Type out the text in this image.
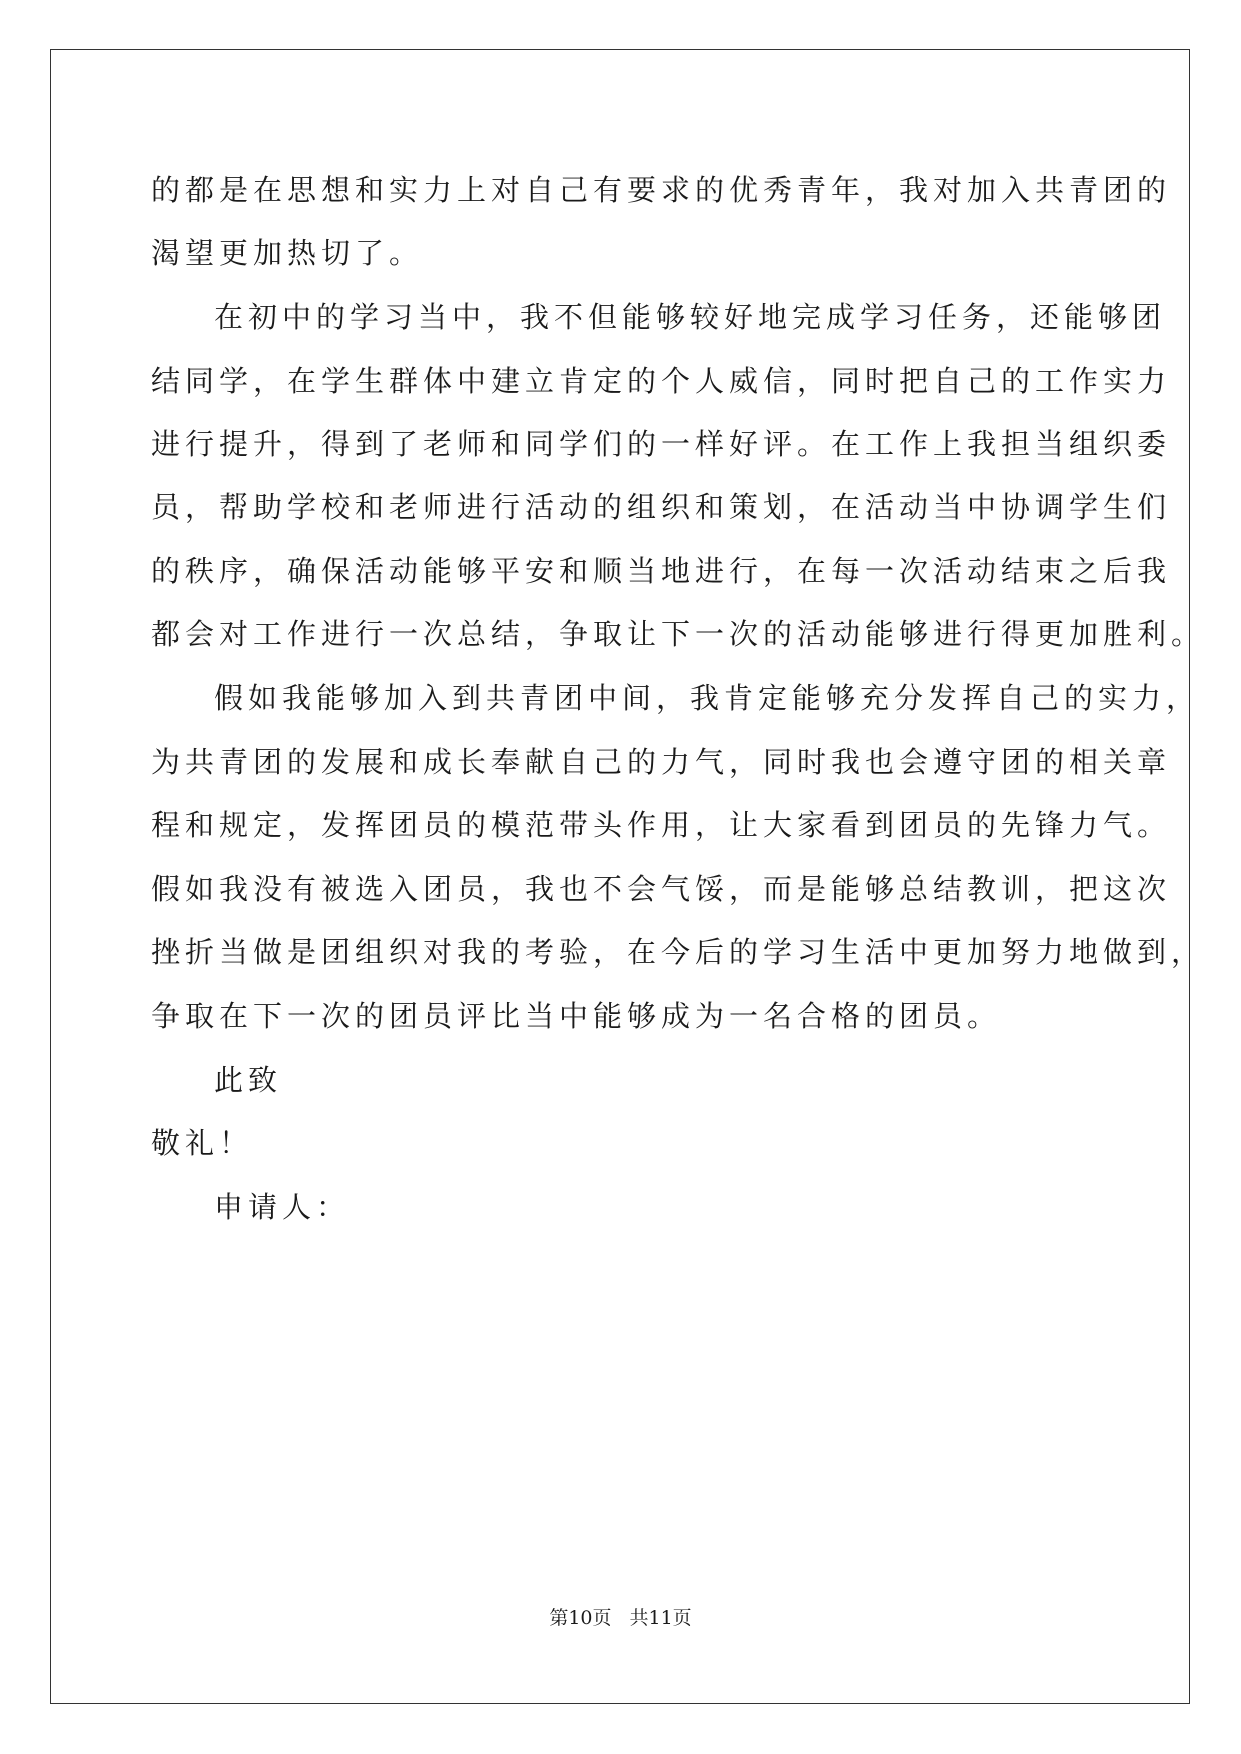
的都是在思想和实力上对自己有要求的优秀青年，我对加入共青团的

渴望更加热切了。

在初中的学习当中，我不但能够较好地完成学习任务，还能够团

结同学，在学生群体中建立肯定的个人威信，同时把自己的工作实力

进行提升，得到了老师和同学们的一样好评。在工作上我担当组织委

员，帮助学校和老师进行活动的组织和策划，在活动当中协调学生们

的秩序，确保活动能够平安和顺当地进行，在每一次活动结束之后我

都会对工作进行一次总结，争取让下一次的活动能够进行得更加胜利。

假如我能够加入到共青团中间，我肯定能够充分发挥自己的实力，

为共青团的发展和成长奉献自己的力气，同时我也会遵守团的相关章

程和规定，发挥团员的模范带头作用，让大家看到团员的先锋力气。

假如我没有被选入团员，我也不会气馁，而是能够总结教训，把这次

挫折当做是团组织对我的考验，在今后的学习生活中更加努力地做到，

争取在下一次的团员评比当中能够成为一名合格的团员。

此致

敬礼！

申请人：

第10页 共11页
